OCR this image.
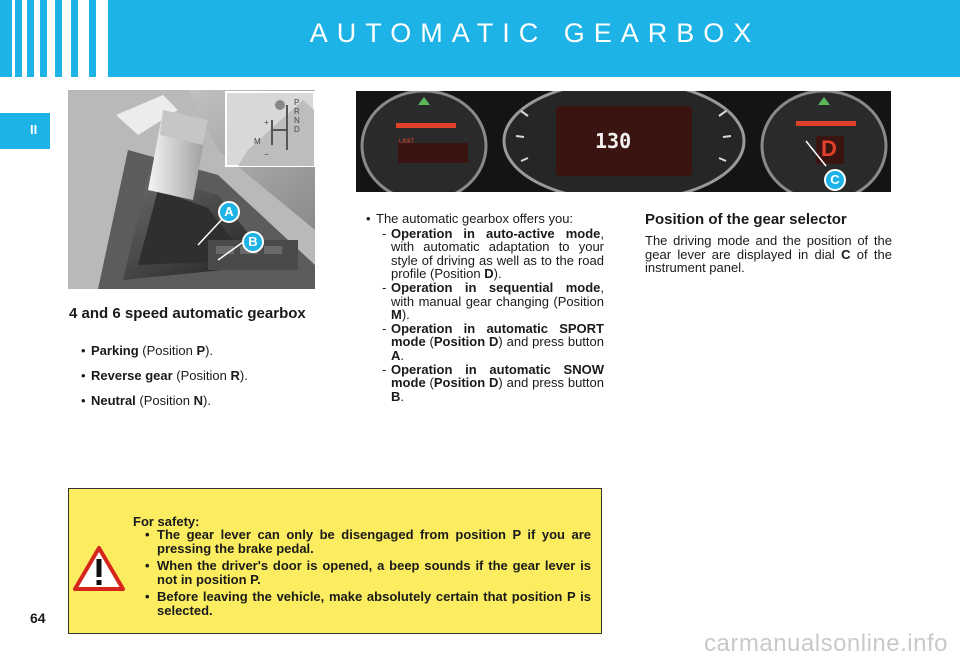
AUTOMATIC GEARBOX
II
P
R
N
D
+
M
−
A
B
130
LIMIT	D
C
4 and 6 speed automatic gearbox
• Parking (Position P).
• Reverse gear (Position R).
• Neutral (Position N).
• The automatic gearbox offers you:
- Operation in auto-active mode, with automatic adaptation to your style of driving as well as to the road profile (Position D).
- Operation in sequential mode, with manual gear changing (Position M).
- Operation in automatic SPORT mode (Position D) and press button A.
- Operation in automatic SNOW mode (Position D) and press button B.
Position of the gear selector
The driving mode and the position of the gear lever are displayed in dial C of the instrument panel.
For safety:
• The gear lever can only be disengaged from position P if you are pressing the brake pedal.
• When the driver's door is opened, a beep sounds if the gear lever is not in position P.
• Before leaving the vehicle, make absolutely certain that position P is selected.
64
carmanualsonline.info
